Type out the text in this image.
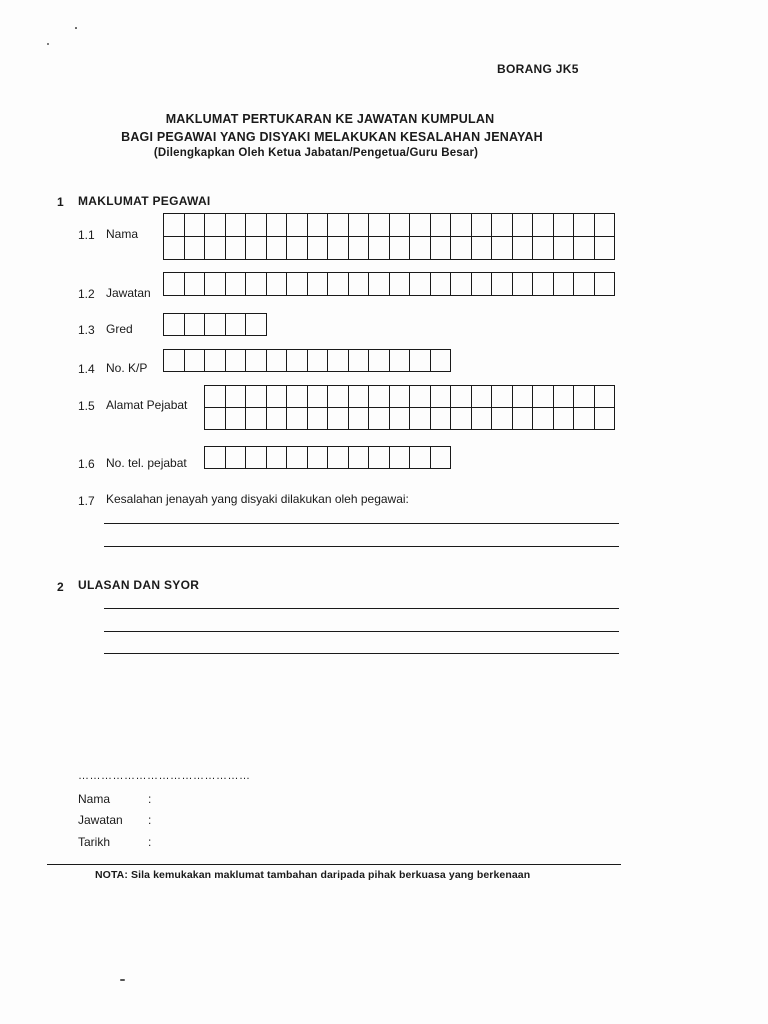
BORANG JK5
MAKLUMAT PERTUKARAN KE JAWATAN KUMPULAN
BAGI PEGAWAI YANG DISYAKI MELAKUKAN KESALAHAN JENAYAH
(Dilengkapkan Oleh Ketua Jabatan/Pengetua/Guru Besar)
1 MAKLUMAT PEGAWAI
1.1 Nama
1.2 Jawatan
1.3 Gred
1.4 No. K/P
1.5 Alamat Pejabat
1.6 No. tel. pejabat
1.7 Kesalahan jenayah yang disyaki dilakukan oleh pegawai:
2 ULASAN DAN SYOR
………………………………………
Nama	:
Jawatan :
Tarikh	:
NOTA: Sila kemukakan maklumat tambahan daripada pihak berkuasa yang berkenaan
